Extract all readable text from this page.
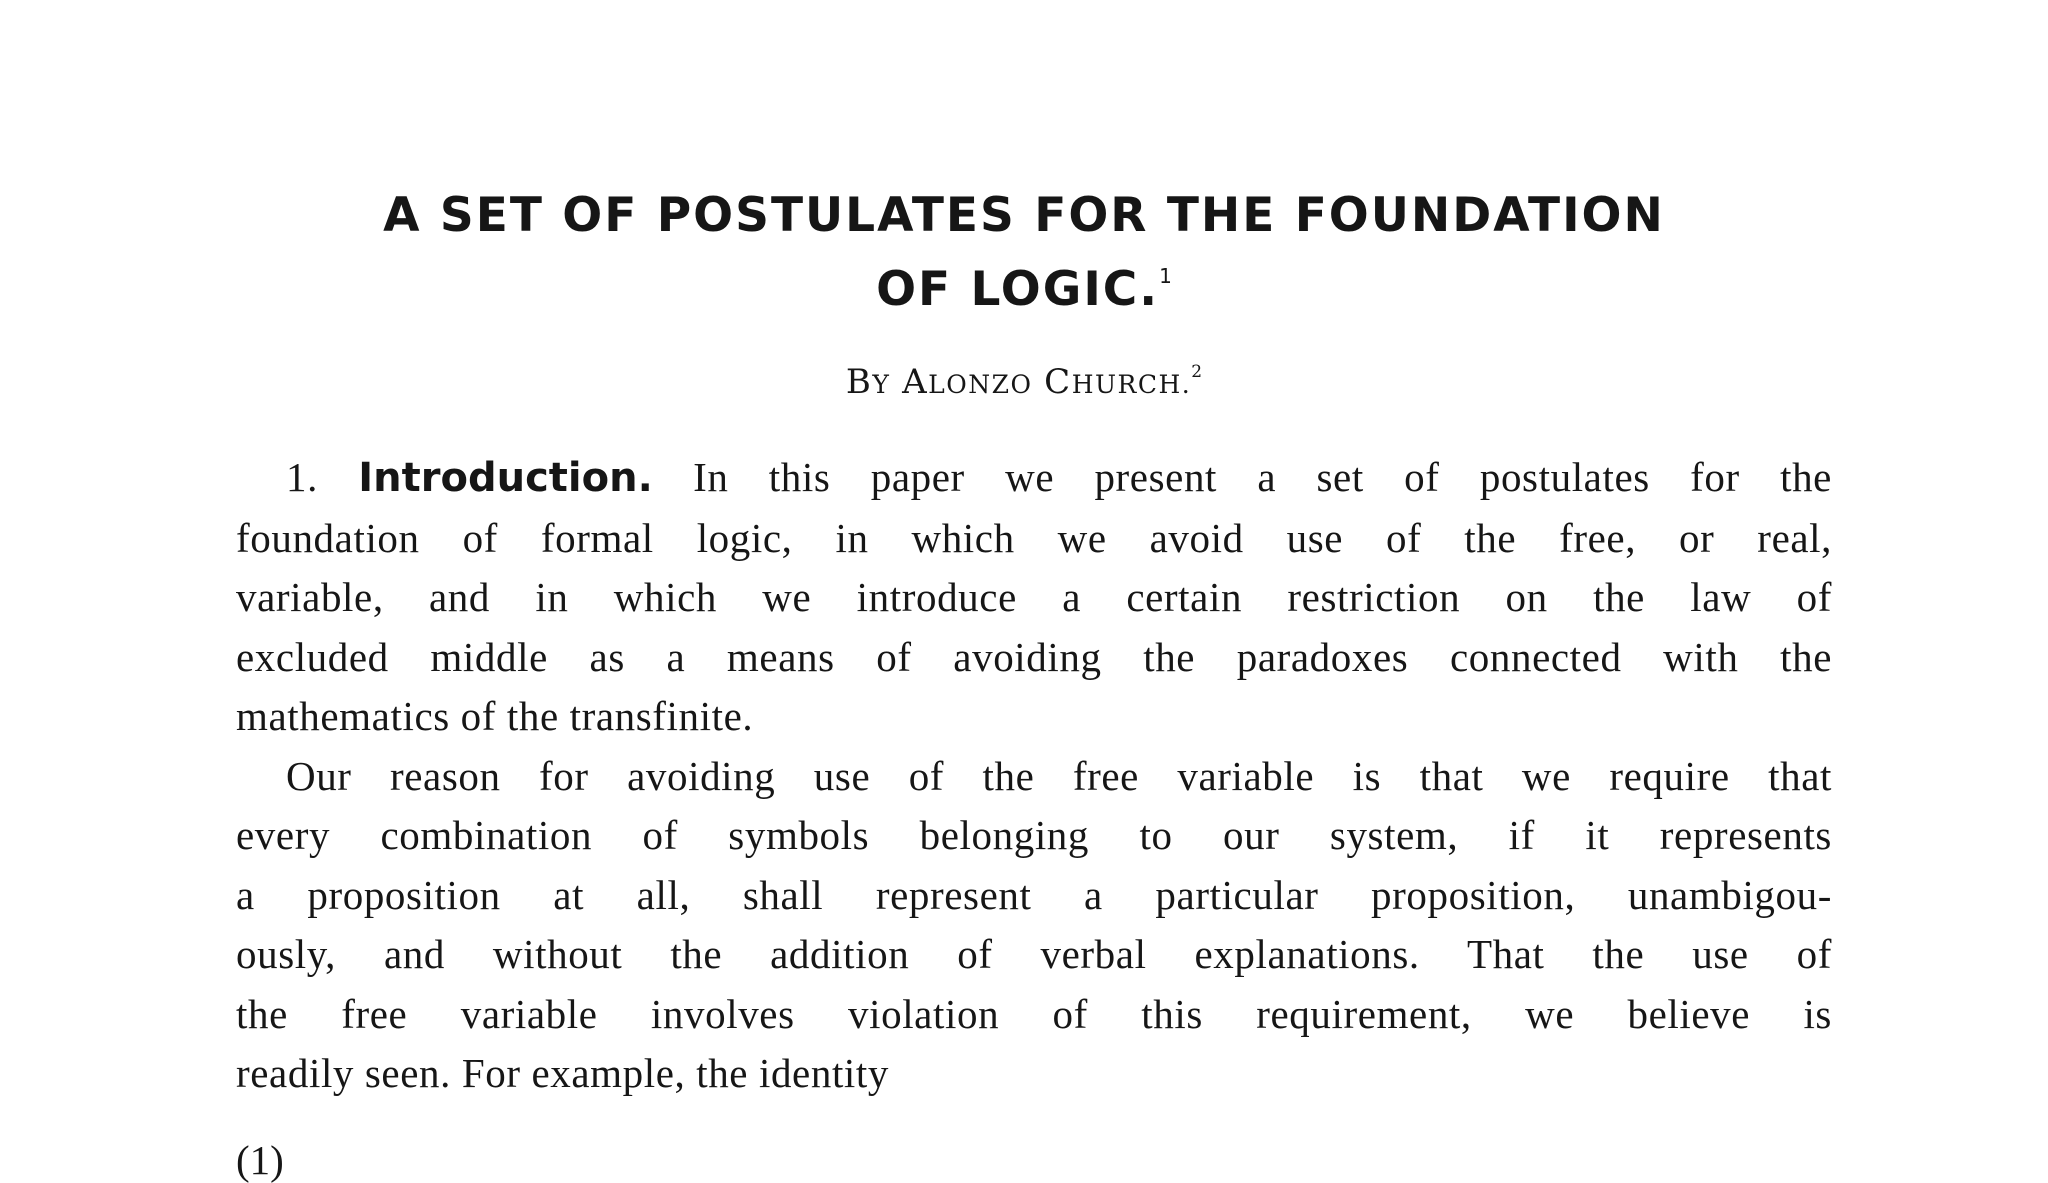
A SET OF POSTULATES FOR THE FOUNDATION
OF LOGIC.$^1$
BY ALONZO CHURCH.$^2$
1. Introduction. In this paper we present a set of postulates for the
foundation of formal logic, in which we avoid use of the free, or real,
variable, and in which we introduce a certain restriction on the law of
excluded middle as a means of avoiding the paradoxes connected with the
mathematics of the transfinite.
Our reason for avoiding use of the free variable is that we require that
every combination of symbols belonging to our system, if it represents
a proposition at all, shall represent a particular proposition, unambigou-
ously, and without the addition of verbal explanations. That the use of
the free variable involves violation of this requirement, we believe is
readily seen. For example, the identity
(1)
